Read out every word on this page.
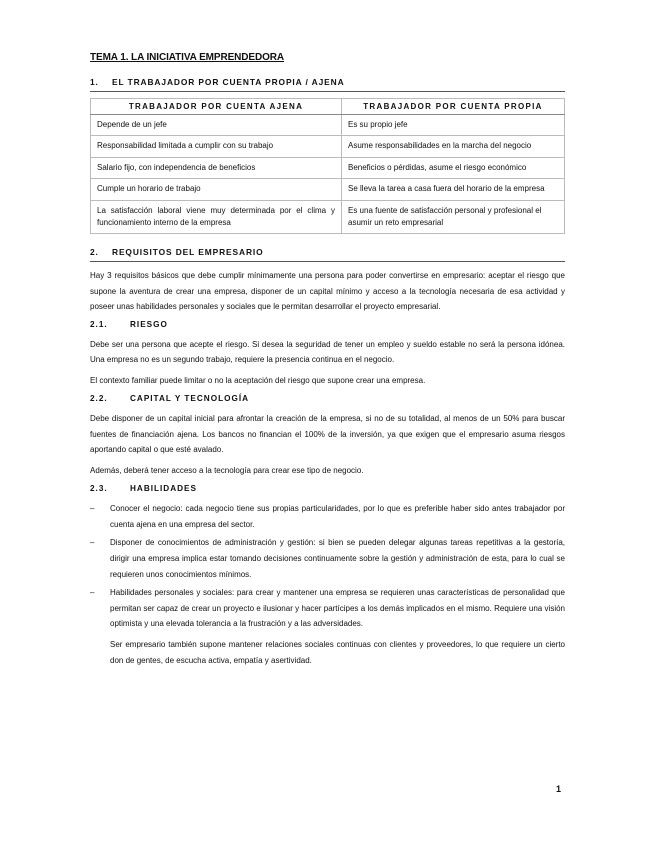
TEMA 1. LA INICIATIVA EMPRENDEDORA
1.	EL TRABAJADOR POR CUENTA PROPIA / AJENA
TRABAJADOR POR CUENTA AJENA	TRABAJADOR POR CUENTA PROPIA
Depende de un jefe	Es su propio jefe
Responsabilidad limitada a cumplir con su trabajo	Asume responsabilidades en la marcha del negocio
Salario fijo, con independencia de beneficios	Beneficios o pérdidas, asume el riesgo económico
Cumple un horario de trabajo	Se lleva la tarea a casa fuera del horario de la empresa
La satisfacción laboral viene muy determinada por el clima y funcionamiento interno de la empresa	Es una fuente de satisfacción personal y profesional el asumir un reto empresarial
2.	REQUISITOS DEL EMPRESARIO

Hay 3 requisitos básicos que debe cumplir mínimamente una persona para poder convertirse en empresario: aceptar el riesgo que supone la aventura de crear una empresa, disponer de un capital mínimo y acceso a la tecnología necesaria de esa actividad y poseer unas habilidades personales y sociales que le permitan desarrollar el proyecto empresarial.

2.1.	RIESGO

Debe ser una persona que acepte el riesgo. Si desea la seguridad de tener un empleo y sueldo estable no será la persona idónea. Una empresa no es un segundo trabajo, requiere la presencia continua en el negocio.

El contexto familiar puede limitar o no la aceptación del riesgo que supone crear una empresa.

2.2.	CAPITAL Y TECNOLOGÍA

Debe disponer de un capital inicial para afrontar la creación de la empresa, si no de su totalidad, al menos de un 50% para buscar fuentes de financiación ajena. Los bancos no financian el 100% de la inversión, ya que exigen que el empresario asuma riesgos aportando capital o que esté avalado.

Además, deberá tener acceso a la tecnología para crear ese tipo de negocio.

2.3.	HABILIDADES
–	Conocer el negocio: cada negocio tiene sus propias particularidades, por lo que es preferible haber sido antes trabajador por cuenta ajena en una empresa del sector.
–	Disponer de conocimientos de administración y gestión: si bien se pueden delegar algunas tareas repetitivas a la gestoría, dirigir una empresa implica estar tomando decisiones continuamente sobre la gestión y administración de esta, para lo cual se requieren unos conocimientos mínimos.
–	Habilidades personales y sociales: para crear y mantener una empresa se requieren unas características de personalidad que permitan ser capaz de crear un proyecto e ilusionar y hacer partícipes a los demás implicados en el mismo. Requiere una visión optimista y una elevada tolerancia a la frustración y a las adversidades.

Ser empresario también supone mantener relaciones sociales continuas con clientes y proveedores, lo que requiere un cierto don de gentes, de escucha activa, empatía y asertividad.

1
